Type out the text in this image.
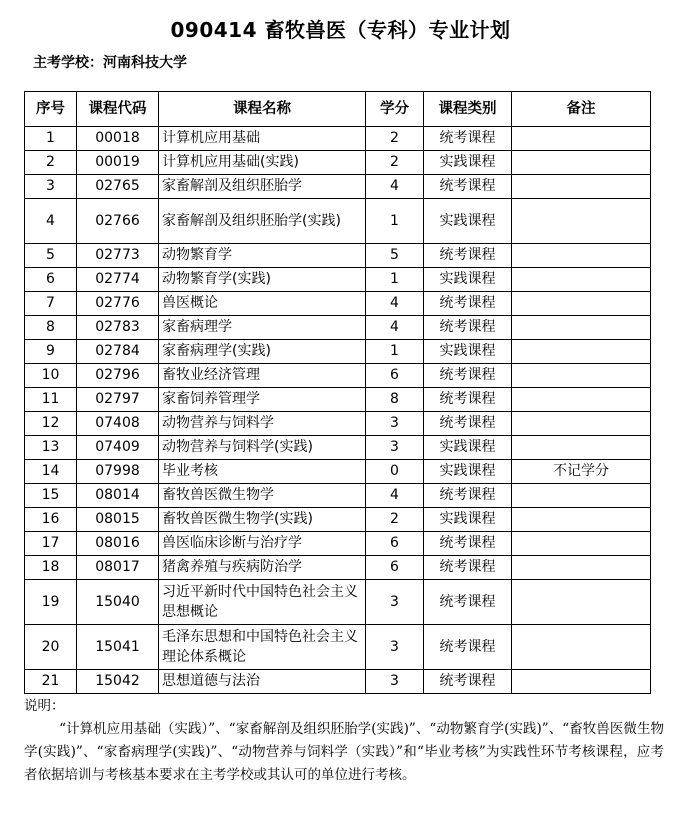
090414 畜牧兽医（专科）专业计划
主考学校：河南科技大学
序号	课程代码	课程名称	学分	课程类别	备注
1	00018	计算机应用基础	2	统考课程	
2	00019	计算机应用基础(实践)	2	实践课程	
3	02765	家畜解剖及组织胚胎学	4	统考课程	
4	02766	家畜解剖及组织胚胎学(实践)	1	实践课程	
5	02773	动物繁育学	5	统考课程	
6	02774	动物繁育学(实践)	1	实践课程	
7	02776	兽医概论	4	统考课程	
8	02783	家畜病理学	4	统考课程	
9	02784	家畜病理学(实践)	1	实践课程	
10	02796	畜牧业经济管理	6	统考课程	
11	02797	家畜饲养管理学	8	统考课程	
12	07408	动物营养与饲料学	3	统考课程	
13	07409	动物营养与饲料学(实践)	3	实践课程	
14	07998	毕业考核	0	实践课程	不记学分
15	08014	畜牧兽医微生物学	4	统考课程	
16	08015	畜牧兽医微生物学(实践)	2	实践课程	
17	08016	兽医临床诊断与治疗学	6	统考课程	
18	08017	猪禽养殖与疾病防治学	6	统考课程	
19	15040	习近平新时代中国特色社会主义思想概论	3	统考课程	
20	15041	毛泽东思想和中国特色社会主义理论体系概论	3	统考课程	
21	15042	思想道德与法治	3	统考课程	

说明：

“计算机应用基础（实践）”、“家畜解剖及组织胚胎学(实践)”、“动物繁育学(实践)”、“畜牧兽医微生物学(实践)”、“家畜病理学(实践)”、“动物营养与饲料学（实践）”和“毕业考核”为实践性环节考核课程，应考者依据培训与考核基本要求在主考学校或其认可的单位进行考核。
